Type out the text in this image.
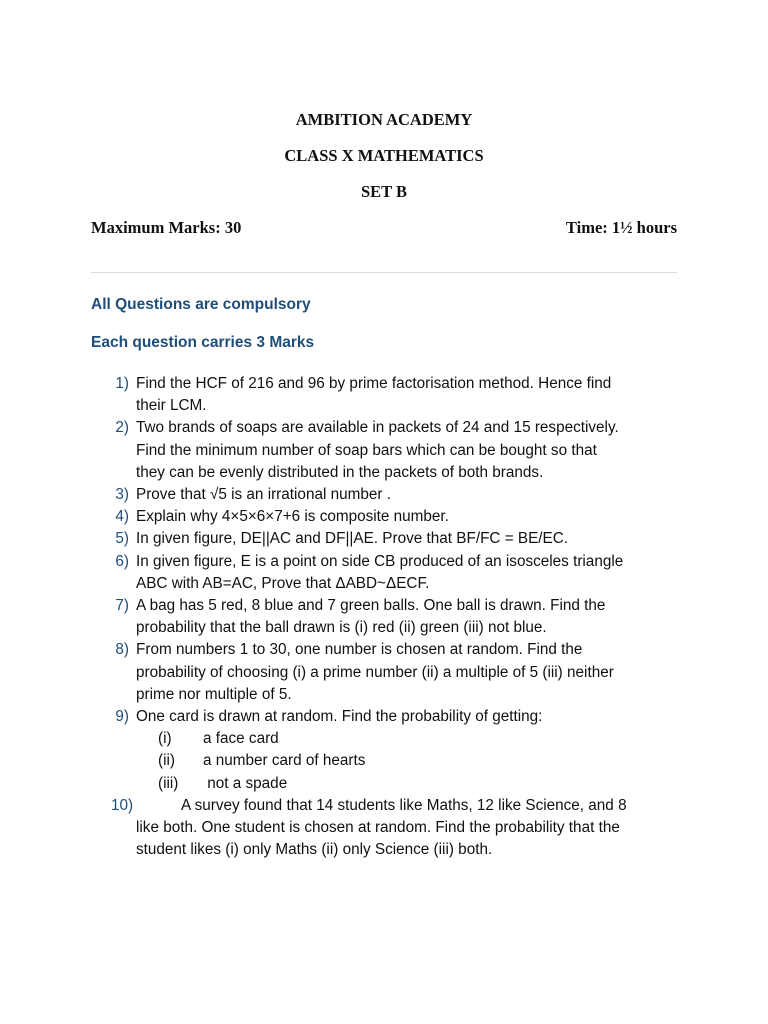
AMBITION ACADEMY
CLASS X MATHEMATICS
SET B
Maximum Marks: 30	Time: 1½ hours
All Questions are compulsory
Each question carries 3 Marks
1) Find the HCF of 216 and 96 by prime factorisation method. Hence find
their LCM.
2) Two brands of soaps are available in packets of 24 and 15 respectively.
Find the minimum number of soap bars which can be bought so that
they can be evenly distributed in the packets of both brands.
3) Prove that √5 is an irrational number .
4) Explain why 4×5×6×7+6 is composite number.
5) In given figure, DE||AC and DF||AE. Prove that BF/FC = BE/EC.
6) In given figure, E is a point on side CB produced of an isosceles triangle
ABC with AB=AC, Prove that ΔABD~ΔECF.
7) A bag has 5 red, 8 blue and 7 green balls. One ball is drawn. Find the
probability that the ball drawn is (i) red (ii) green (iii) not blue.
8) From numbers 1 to 30, one number is chosen at random. Find the
probability of choosing (i) a prime number (ii) a multiple of 5 (iii) neither
prime nor multiple of 5.
9) One card is drawn at random. Find the probability of getting:
(i) a face card
(ii) a number card of hearts
(iii) not a spade
10)	A survey found that 14 students like Maths, 12 like Science, and 8
like both. One student is chosen at random. Find the probability that the
student likes (i) only Maths (ii) only Science (iii) both.
